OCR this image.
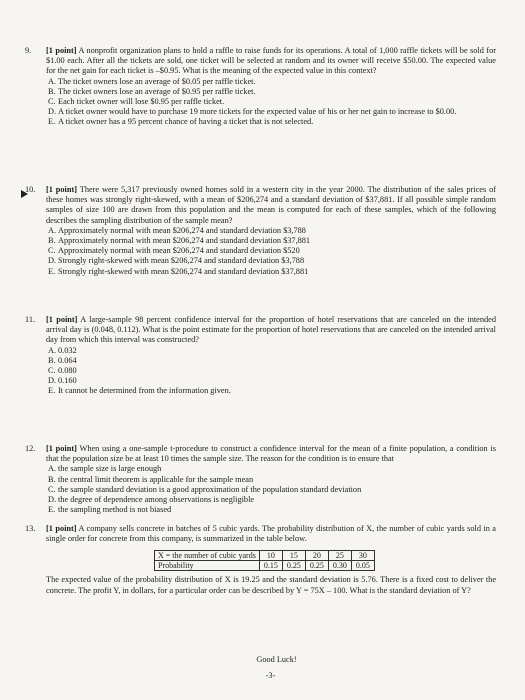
9. [1 point] A nonprofit organization plans to hold a raffle to raise funds for its operations. A total of 1,000 raffle tickets will be sold for $1.00 each. After all the tickets are sold, one ticket will be selected at random and its owner will receive $50.00. The expected value for the net gain for each ticket is –$0.95. What is the meaning of the expected value in this context?

A. The ticket owners lose an average of $0.05 per raffle ticket.
B. The ticket owners lose an average of $0.95 per raffle ticket.
C. Each ticket owner will lose $0.95 per raffle ticket.
D. A ticket owner would have to purchase 19 more tickets for the expected value of his or her net gain to increase to $0.00.
E. A ticket owner has a 95 percent chance of having a ticket that is not selected.
10. [1 point] There were 5,317 previously owned homes sold in a western city in the year 2000. The distribution of the sales prices of these homes was strongly right-skewed, with a mean of $206,274 and a standard deviation of $37,881. If all possible simple random samples of size 100 are drawn from this population and the mean is computed for each of these samples, which of the following describes the sampling distribution of the sample mean?

A. Approximately normal with mean $206,274 and standard deviation $3,788
B. Approximately normal with mean $206,274 and standard deviation $37,881
C. Approximately normal with mean $206,274 and standard deviation $520
D. Strongly right-skewed with mean $206,274 and standard deviation $3,788
E. Strongly right-skewed with mean $206,274 and standard deviation $37,881
11. [1 point] A large-sample 98 percent confidence interval for the proportion of hotel reservations that are canceled on the intended arrival day is (0.048, 0.112). What is the point estimate for the proportion of hotel reservations that are canceled on the intended arrival day from which this interval was constructed?

A. 0.032
B. 0.064
C. 0.080
D. 0.160
E. It cannot be determined from the information given.
12. [1 point] When using a one-sample t-procedure to construct a confidence interval for the mean of a finite population, a condition is that the population size be at least 10 times the sample size. The reason for the condition is to ensure that

A. the sample size is large enough
B. the central limit theorem is applicable for the sample mean
C. the sample standard deviation is a good approximation of the population standard deviation
D. the degree of dependence among observations is negligible
E. the sampling method is not biased
13. [1 point] A company sells concrete in batches of 5 cubic yards. The probability distribution of X, the number of cubic yards sold in a single order for concrete from this company, is summarized in the table below.

X = the number of cubic yards	10	15	20	25	30
Probability	0.15	0.25	0.25	0.30	0.05

The expected value of the probability distribution of X is 19.25 and the standard deviation is 5.76. There is a fixed cost to deliver the concrete. The profit Y, in dollars, for a particular order can be described by Y = 75X – 100. What is the standard deviation of Y?

Good Luck!
-3-
